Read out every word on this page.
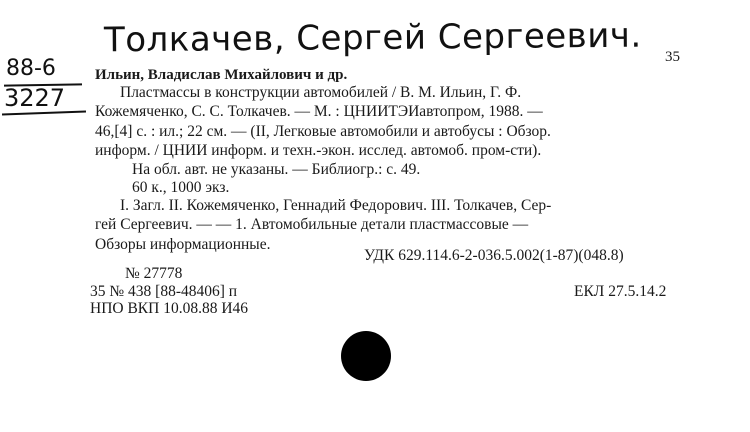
Толкачев, Сергей Сергеевич.
88-6
3227
35
Ильин, Владислав Михайлович и др.
Пластмассы в конструкции автомобилей / В. М. Ильин, Г. Ф.
Кожемяченко, С. С. Толкачев. — М. : ЦНИИТЭИавтопром, 1988. —
46,[4] с. : ил.; 22 см. — (II, Легковые автомобили и автобусы : Обзор.
информ. / ЦНИИ информ. и техн.-экон. исслед. автомоб. пром-сти).
На обл. авт. не указаны. — Библиогр.: с. 49.
60 к., 1000 экз.
I. Загл. II. Кожемяченко, Геннадий Федорович. III. Толкачев, Сер-
гей Сергеевич. — — 1. Автомобильные детали пластмассовые —
Обзоры информационные.
УДК 629.114.6-2-036.5.002(1-87)(048.8)
№ 27778
35 № 438 [88-48406] п	ЕКЛ 27.5.14.2
НПО ВКП 10.08.88 И46
